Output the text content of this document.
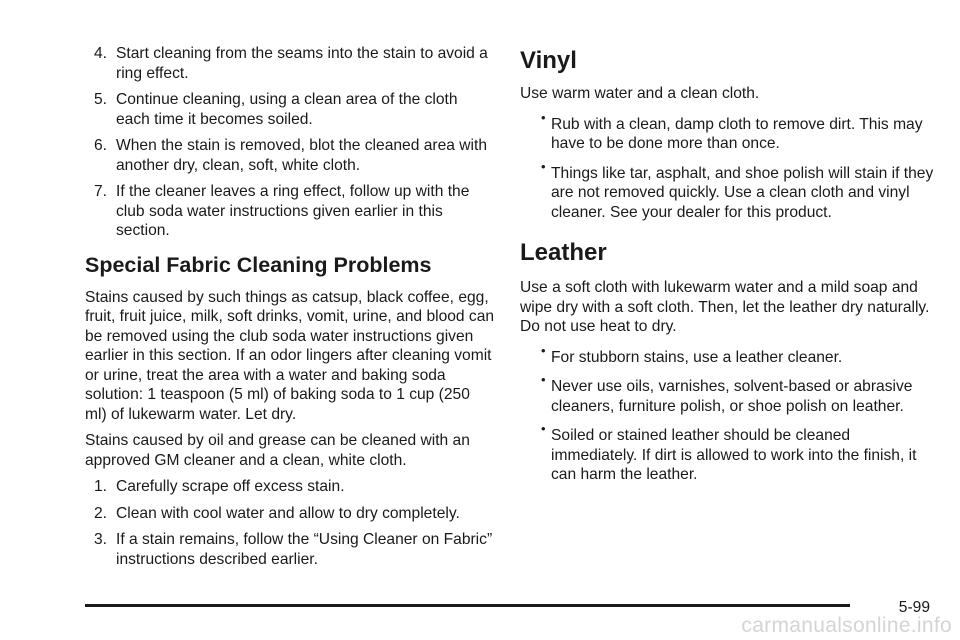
4. Start cleaning from the seams into the stain to avoid a ring effect.
5. Continue cleaning, using a clean area of the cloth each time it becomes soiled.
6. When the stain is removed, blot the cleaned area with another dry, clean, soft, white cloth.
7. If the cleaner leaves a ring effect, follow up with the club soda water instructions given earlier in this section.
Special Fabric Cleaning Problems

Stains caused by such things as catsup, black coffee, egg, fruit, fruit juice, milk, soft drinks, vomit, urine, and blood can be removed using the club soda water instructions given earlier in this section. If an odor lingers after cleaning vomit or urine, treat the area with a water and baking soda solution: 1 teaspoon (5 ml) of baking soda to 1 cup (250 ml) of lukewarm water. Let dry.

Stains caused by oil and grease can be cleaned with an approved GM cleaner and a clean, white cloth.

1. Carefully scrape off excess stain.
2. Clean with cool water and allow to dry completely.
3. If a stain remains, follow the “Using Cleaner on Fabric” instructions described earlier.
Vinyl

Use warm water and a clean cloth.

• Rub with a clean, damp cloth to remove dirt. This may have to be done more than once.
• Things like tar, asphalt, and shoe polish will stain if they are not removed quickly. Use a clean cloth and vinyl cleaner. See your dealer for this product.
Leather

Use a soft cloth with lukewarm water and a mild soap and wipe dry with a soft cloth. Then, let the leather dry naturally. Do not use heat to dry.

• For stubborn stains, use a leather cleaner.
• Never use oils, varnishes, solvent-based or abrasive cleaners, furniture polish, or shoe polish on leather.
• Soiled or stained leather should be cleaned immediately. If dirt is allowed to work into the finish, it can harm the leather.
5-99
carmanualsonline.info
